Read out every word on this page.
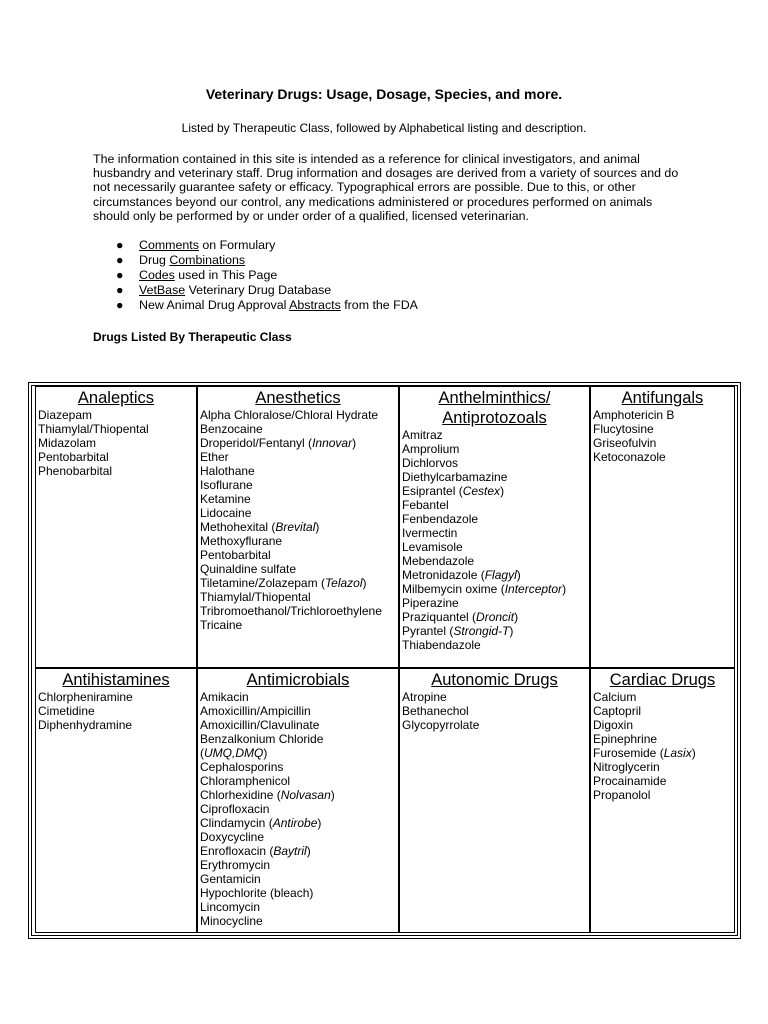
Veterinary Drugs: Usage, Dosage, Species, and more.

Listed by Therapeutic Class, followed by Alphabetical listing and description.

The information contained in this site is intended as a reference for clinical investigators, and animal husbandry and veterinary staff. Drug information and dosages are derived from a variety of sources and do not necessarily guarantee safety or efficacy. Typographical errors are possible. Due to this, or other circumstances beyond our control, any medications administered or procedures performed on animals should only be performed by or under order of a qualified, licensed veterinarian.

● Comments on Formulary
● Drug Combinations
● Codes used in This Page
● VetBase Veterinary Drug Database
● New Animal Drug Approval Abstracts from the FDA

Drugs Listed By Therapeutic Class

Analeptics
Diazepam
Thiamylal/Thiopental
Midazolam
Pentobarbital
Phenobarbital
Anesthetics
Alpha Chloralose/Chloral Hydrate
Benzocaine
Droperidol/Fentanyl (Innovar)
Ether
Halothane
Isoflurane
Ketamine
Lidocaine
Methohexital (Brevital)
Methoxyflurane
Pentobarbital
Quinaldine sulfate
Tiletamine/Zolazepam (Telazol)
Thiamylal/Thiopental
Tribromoethanol/Trichloroethylene
Tricaine
Anthelminthics/ Antiprotozoals
Amitraz
Amprolium
Dichlorvos
Diethylcarbamazine
Esiprantel (Cestex)
Febantel
Fenbendazole
Ivermectin
Levamisole
Mebendazole
Metronidazole (Flagyl)
Milbemycin oxime (Interceptor)
Piperazine
Praziquantel (Droncit)
Pyrantel (Strongid-T)
Thiabendazole
Antifungals
Amphotericin B
Flucytosine
Griseofulvin
Ketoconazole
Antihistamines
Chlorpheniramine
Cimetidine
Diphenhydramine
Antimicrobials
Amikacin
Amoxicillin/Ampicillin
Amoxicillin/Clavulinate
Benzalkonium Chloride
(UMQ,DMQ)
Cephalosporins
Chloramphenicol
Chlorhexidine (Nolvasan)
Ciprofloxacin
Clindamycin (Antirobe)
Doxycycline
Enrofloxacin (Baytril)
Erythromycin
Gentamicin
Hypochlorite (bleach)
Lincomycin
Minocycline
Autonomic Drugs
Atropine
Bethanechol
Glycopyrrolate
Cardiac Drugs
Calcium
Captopril
Digoxin
Epinephrine
Furosemide (Lasix)
Nitroglycerin
Procainamide
Propanolol
